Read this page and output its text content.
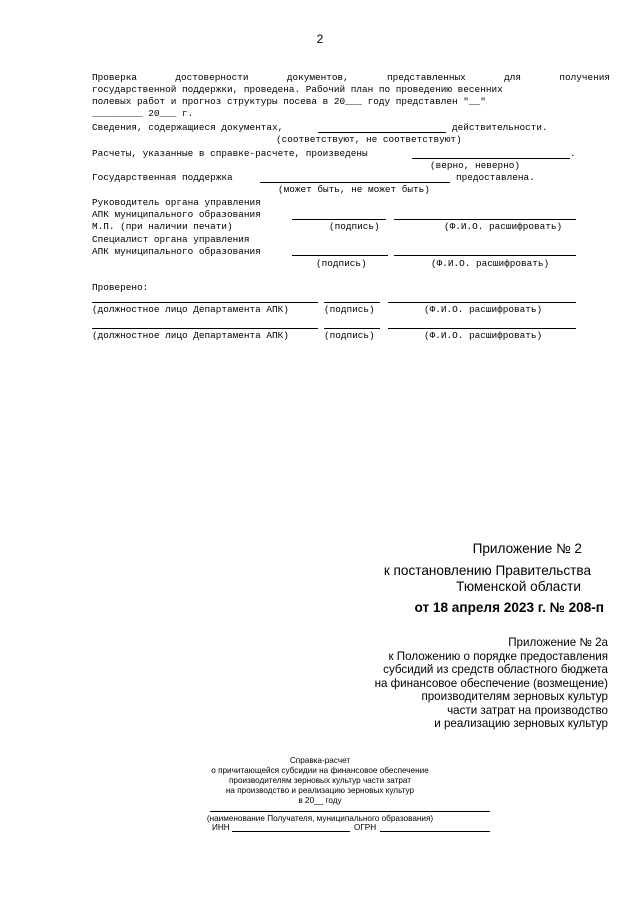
2
Проверка	достоверности	документов,	представленных	для	получения
государственной поддержки, проведена. Рабочий план по проведению весенних
полевых работ и прогноз структуры посева в 20___ году представлен "__"
_________ 20___ г.
Сведения, содержащиеся документах,	действительности.
(соответствуют, не соответствуют)
Расчеты, указанные в справке-расчете, произведены	.
(верно, неверно)
Государственная поддержка	предоставлена.
(может быть, не может быть)
Руководитель органа управления
АПК муниципального образования
М.П. (при наличии печати)	(подпись)	(Ф.И.О. расшифровать)
Специалист органа управления
АПК муниципального образования
(подпись)	(Ф.И.О. расшифровать)
Проверено:
(должностное лицо Департамента АПК)	(подпись)	(Ф.И.О. расшифровать)
(должностное лицо Департамента АПК)	(подпись)	(Ф.И.О. расшифровать)
Приложение № 2
к постановлению Правительства
Тюменской области
от 18 апреля 2023 г. № 208-п
Приложение № 2а
к Положению о порядке предоставления
субсидий из средств областного бюджета
на финансовое обеспечение (возмещение)
производителям зерновых культур
части затрат на производство
и реализацию зерновых культур
Справка-расчет
о причитающейся субсидии на финансовое обеспечение
производителям зерновых культур части затрат
на производство и реализацию зерновых культур
в 20__ году
(наименование Получателя, муниципального образования)
ИНН	ОГРН
